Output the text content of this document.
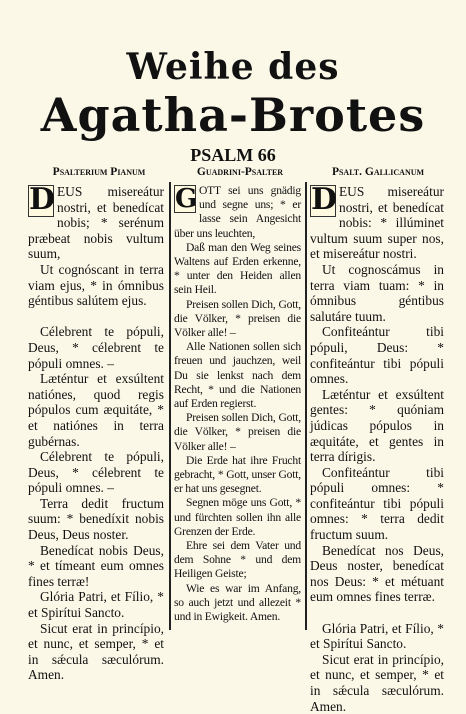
Weihe des
Agatha-Brotes
PSALM 66
Psalterium Pianum	Guadrini-Psalter	Psalt. Gallicanum

D EUS misereátur nostri, et benedícat nobis; * serénum præbeat nobis vultum suum,

Ut cognóscant in terra viam ejus, * in ómnibus géntibus salútem ejus.

Célebrent te pópuli, Deus, * célebrent te pópuli omnes. –

Læténtur et exsúltent natiónes, quod regis pópulos cum æquitáte, * et natiónes in terra gubérnas.

Célebrent te pópuli, Deus, * célebrent te pópuli omnes. –

Terra dedit fructum suum: * benedíxit nobis Deus, Deus noster.

Benedícat nobis Deus, * et tímeant eum omnes fines terræ!

Glória Patri, et Fílio, * et Spirítui Sancto.

Sicut erat in princípio, et nunc, et semper, * et in sǽcula sæculórum. Amen.

G OTT sei uns gnädig und segne uns; * er lasse sein Angesicht über uns leuchten,

Daß man den Weg seines Waltens auf Erden erkenne, * unter den Heiden allen sein Heil.

Preisen sollen Dich, Gott, die Völker, * preisen die Völker alle! –

Alle Nationen sollen sich freuen und jauchzen, weil Du sie lenkst nach dem Recht, * und die Nationen auf Erden regierst.

Preisen sollen Dich, Gott, die Völker, * preisen die Völker alle! –

Die Erde hat ihre Frucht gebracht, * Gott, unser Gott, er hat uns gesegnet.

Segnen möge uns Gott, * und fürchten sollen ihn alle Grenzen der Erde.

Ehre sei dem Vater und dem Sohne * und dem Heiligen Geiste;

Wie es war im Anfang, so auch jetzt und allezeit * und in Ewigkeit. Amen.

D EUS misereátur nostri, et benedícat nobis: * illúminet vultum suum super nos, et misereátur nostri.

Ut cognoscámus in terra viam tuam: * in ómnibus géntibus salutáre tuum.

Confiteántur tibi pópuli, Deus: * confiteántur tibi pópuli omnes.

Læténtur et exsúltent gentes: * quóniam júdicas pópulos in æquitáte, et gentes in terra dírigis.

Confiteántur tibi pópuli omnes: * confiteántur tibi pópuli omnes: * terra dedit fructum suum.

Benedícat nos Deus, Deus noster, benedícat nos Deus: * et métuant eum omnes fines terræ.

Glória Patri, et Fílio, * et Spirítui Sancto.

Sicut erat in princípio, et nunc, et semper, * et in sǽcula sæculórum. Amen.
